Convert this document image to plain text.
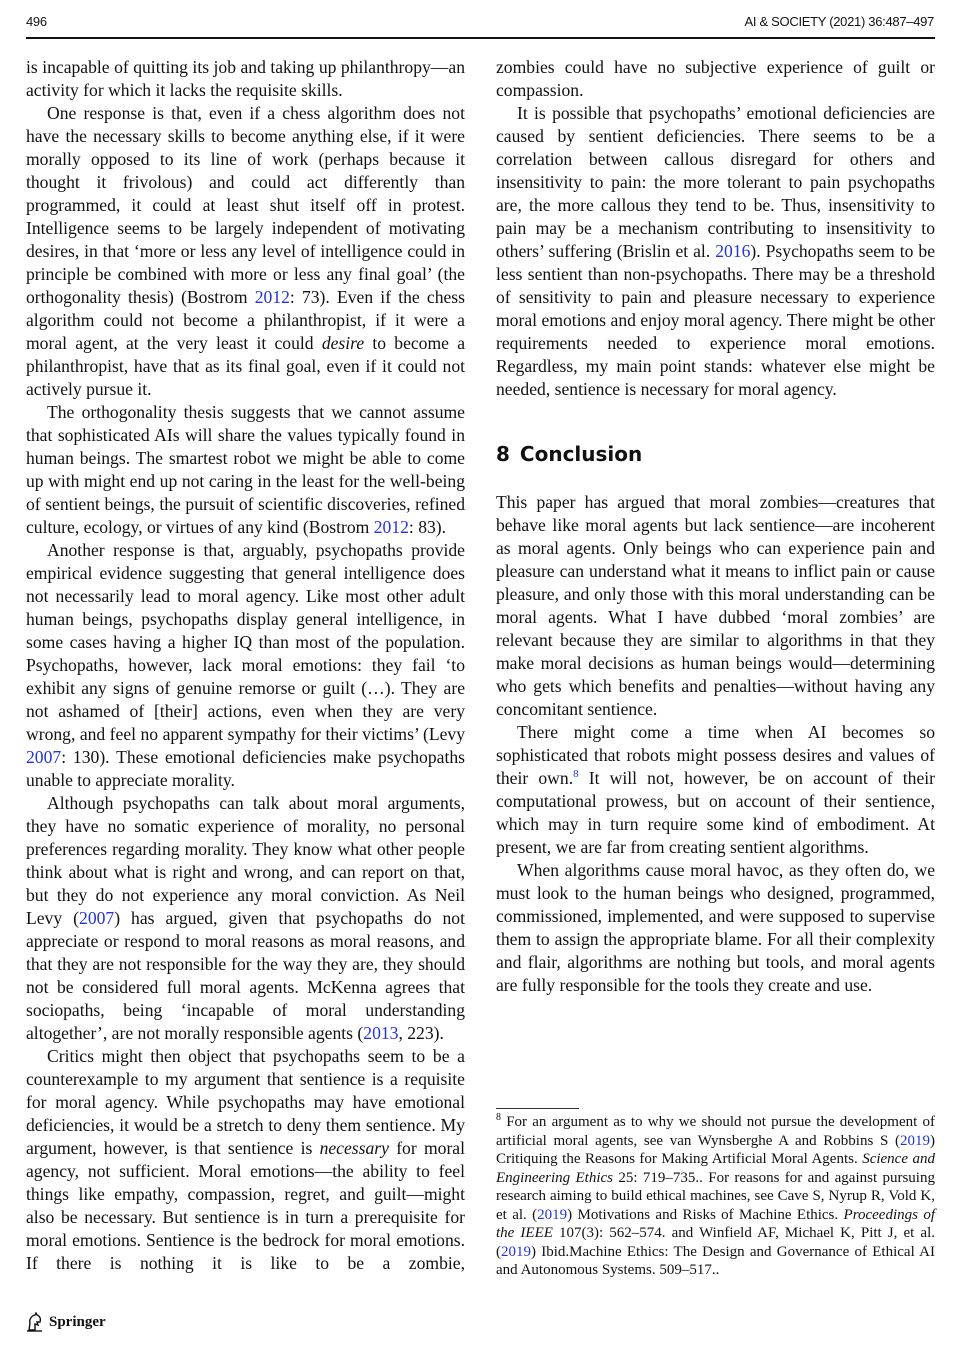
496	AI & SOCIETY (2021) 36:487–497

is incapable of quitting its job and taking up philanthropy—an activity for which it lacks the requisite skills.

One response is that, even if a chess algorithm does not have the necessary skills to become anything else, if it were morally opposed to its line of work (perhaps because it thought it frivolous) and could act differently than programmed, it could at least shut itself off in protest. Intelligence seems to be largely independent of motivating desires, in that ‘more or less any level of intelligence could in principle be combined with more or less any final goal’ (the orthogonality thesis) (Bostrom 2012: 73). Even if the chess algorithm could not become a philanthropist, if it were a moral agent, at the very least it could desire to become a philanthropist, have that as its final goal, even if it could not actively pursue it.

The orthogonality thesis suggests that we cannot assume that sophisticated AIs will share the values typically found in human beings. The smartest robot we might be able to come up with might end up not caring in the least for the well-being of sentient beings, the pursuit of scientific discoveries, refined culture, ecology, or virtues of any kind (Bostrom 2012: 83).

Another response is that, arguably, psychopaths provide empirical evidence suggesting that general intelligence does not necessarily lead to moral agency. Like most other adult human beings, psychopaths display general intelligence, in some cases having a higher IQ than most of the population. Psychopaths, however, lack moral emotions: they fail ‘to exhibit any signs of genuine remorse or guilt (…). They are not ashamed of [their] actions, even when they are very wrong, and feel no apparent sympathy for their victims’ (Levy 2007: 130). These emotional deficiencies make psychopaths unable to appreciate morality.

Although psychopaths can talk about moral arguments, they have no somatic experience of morality, no personal preferences regarding morality. They know what other people think about what is right and wrong, and can report on that, but they do not experience any moral conviction. As Neil Levy (2007) has argued, given that psychopaths do not appreciate or respond to moral reasons as moral reasons, and that they are not responsible for the way they are, they should not be considered full moral agents. McKenna agrees that sociopaths, being ‘incapable of moral understanding altogether’, are not morally responsible agents (2013, 223).

Critics might then object that psychopaths seem to be a counterexample to my argument that sentience is a requisite for moral agency. While psychopaths may have emotional deficiencies, it would be a stretch to deny them sentience. My argument, however, is that sentience is necessary for moral agency, not sufficient. Moral emotions—the ability to feel things like empathy, compassion, regret, and guilt—might also be necessary. But sentience is in turn a prerequisite for moral emotions. Sentience is the bedrock for moral emotions. If there is nothing it is like to be a zombie,

zombies could have no subjective experience of guilt or compassion.

It is possible that psychopaths’ emotional deficiencies are caused by sentient deficiencies. There seems to be a correlation between callous disregard for others and insensitivity to pain: the more tolerant to pain psychopaths are, the more callous they tend to be. Thus, insensitivity to pain may be a mechanism contributing to insensitivity to others’ suffering (Brislin et al. 2016). Psychopaths seem to be less sentient than non-psychopaths. There may be a threshold of sensitivity to pain and pleasure necessary to experience moral emotions and enjoy moral agency. There might be other requirements needed to experience moral emotions. Regardless, my main point stands: whatever else might be needed, sentience is necessary for moral agency.

8 Conclusion

This paper has argued that moral zombies—creatures that behave like moral agents but lack sentience—are incoherent as moral agents. Only beings who can experience pain and pleasure can understand what it means to inflict pain or cause pleasure, and only those with this moral understanding can be moral agents. What I have dubbed ‘moral zombies’ are relevant because they are similar to algorithms in that they make moral decisions as human beings would—determining who gets which benefits and penalties—without having any concomitant sentience.

There might come a time when AI becomes so sophisticated that robots might possess desires and values of their own.$^8$ It will not, however, be on account of their computational prowess, but on account of their sentience, which may in turn require some kind of embodiment. At present, we are far from creating sentient algorithms.

When algorithms cause moral havoc, as they often do, we must look to the human beings who designed, programmed, commissioned, implemented, and were supposed to supervise them to assign the appropriate blame. For all their complexity and flair, algorithms are nothing but tools, and moral agents are fully responsible for the tools they create and use.

$^8$ For an argument as to why we should not pursue the development of artificial moral agents, see van Wynsberghe A and Robbins S (2019) Critiquing the Reasons for Making Artificial Moral Agents. Science and Engineering Ethics 25: 719–735.. For reasons for and against pursuing research aiming to build ethical machines, see Cave S, Nyrup R, Vold K, et al. (2019) Motivations and Risks of Machine Ethics. Proceedings of the IEEE 107(3): 562–574. and Winfield AF, Michael K, Pitt J, et al. (2019) Ibid.Machine Ethics: The Design and Governance of Ethical AI and Autonomous Systems. 509–517..
Springer
